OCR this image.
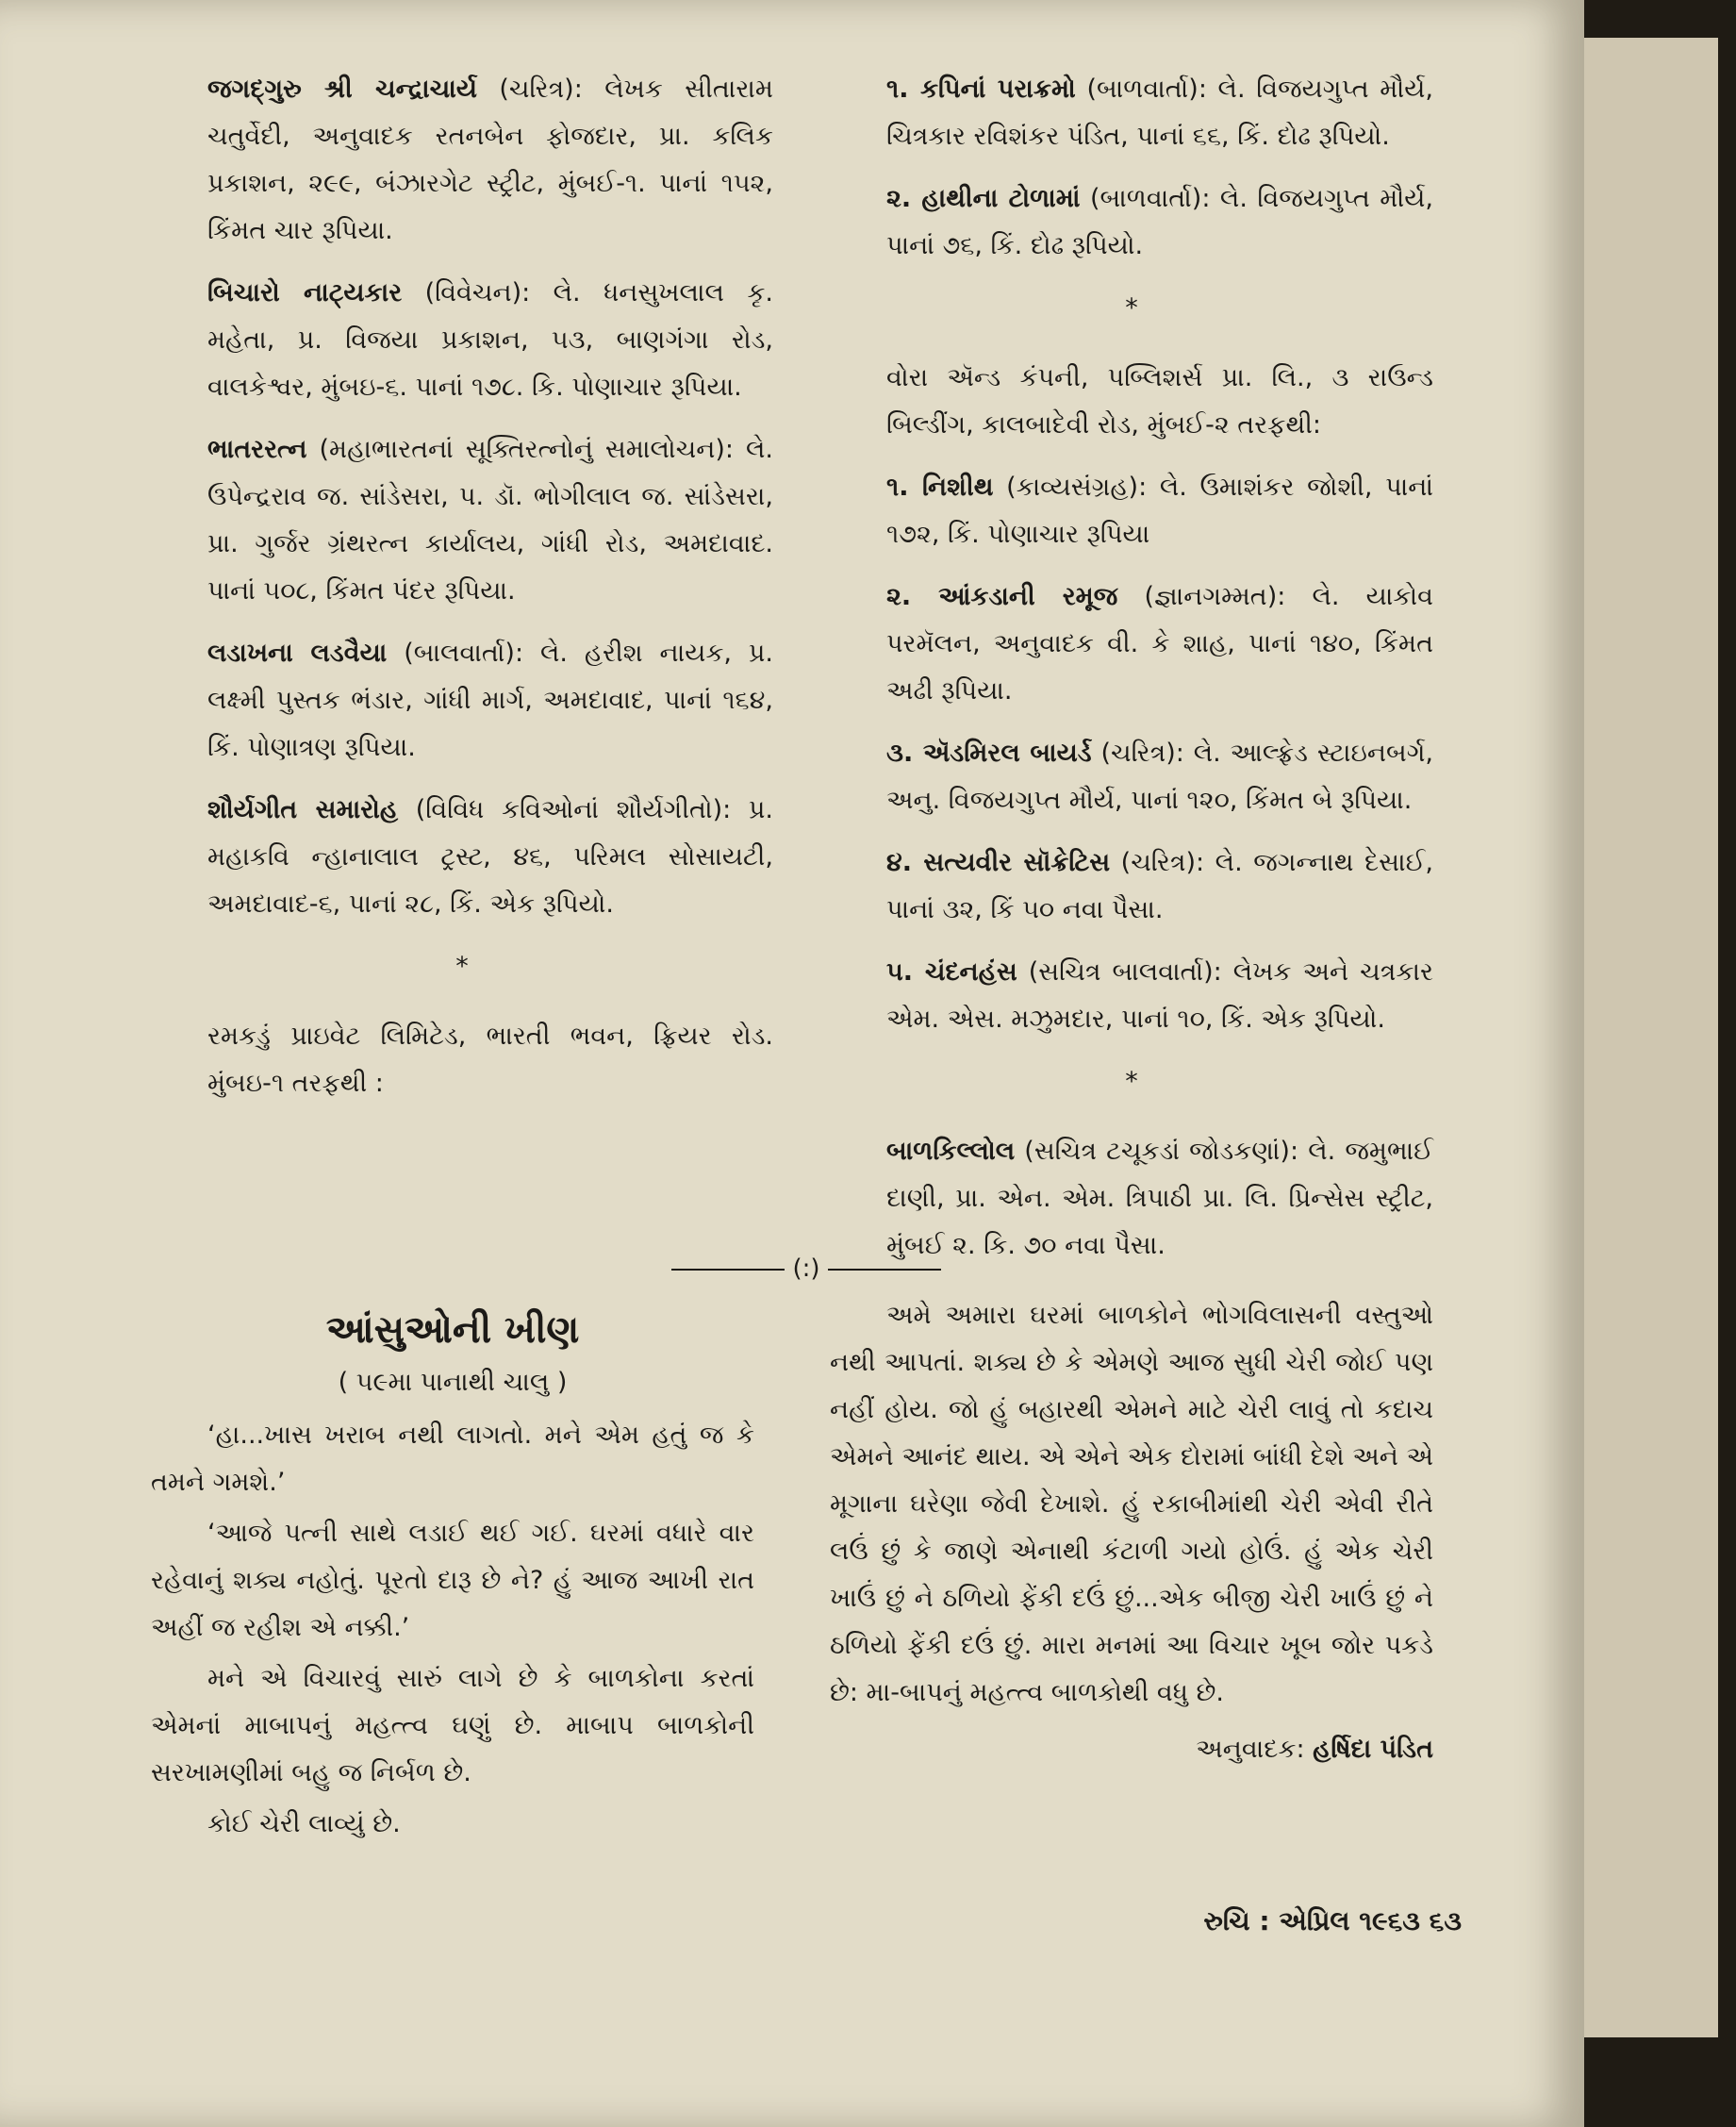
જગદ્ગુરુ શ્રી ચન્દ્રાચાર્ય (ચરિત્ર): લેખક સીતારામ ચતુર્વેદી, અનુવાદક રતનબેન ફોજદાર, પ્રા. કલિક પ્રકાશન, ૨૯૯, બંઝારગેટ સ્ટ્રીટ, મુંબઈ-૧. પાનાં ૧૫૨, કિંમત ચાર રૂપિયા.
બિચારો નાટ્યકાર (વિવેચન): લે. ધનસુખલાલ કૃ. મહેતા, પ્ર. વિજયા પ્રકાશન, ૫૩, બાણગંગા રોડ, વાલકેશ્વર, મુંબઇ-૬. પાનાં ૧૭૮. કિ. પોણાચાર રૂપિયા.
ભાતરરત્ન (મહાભારતનાં સૂક્તિરત્નોનું સમાલોચન): લે. ઉપેન્દ્રરાવ જ. સાંડેસરા, પ. ડૉ. ભોગીલાલ જ. સાંડેસરા, પ્રા. ગુર્જર ગ્રંથરત્ન કાર્યાલય, ગાંધી રોડ, અમદાવાદ. પાનાં ૫૦૮, કિંમત પંદર રૂપિયા.
લડાખના લડવૈયા (બાલવાર્તા): લે. હરીશ નાયક, પ્ર. લક્ષ્મી પુસ્તક ભંડાર, ગાંધી માર્ગ, અમદાવાદ, પાનાં ૧૬૪, કિં. પોણાત્રણ રૂપિયા.
શૌર્યગીત સમારોહ (વિવિધ કવિઓનાં શૌર્યગીતો): પ્ર. મહાકવિ ન્હાનાલાલ ટ્રસ્ટ, ૪૬, પરિમલ સોસાયટી, અમદાવાદ-૬, પાનાં ૨૮, કિં. એક રૂપિયો.
*
રમકડું પ્રાઇવેટ લિમિટેડ, ભારતી ભવન, ફ્રિયર રોડ. મુંબઇ-૧ તરફથી :
૧. કપિનાં પરાક્રમો (બાળવાર્તા): લે. વિજયગુપ્ત મૌર્ય, ચિત્રકાર રવિશંકર પંડિત, પાનાં ૬૬, કિં. દોઢ રૂપિયો.
૨. હાથીના ટોળામાં (બાળવાર્તા): લે. વિજયગુપ્ત મૌર્ય, પાનાં ૭૬, કિં. દોઢ રૂપિયો.
*
વોરા ઍન્ડ કંપની, પબ્લિશર્સ પ્રા. લિ., ૩ રાઉન્ડ બિલ્ડીંગ, કાલબાદેવી રોડ, મુંબઈ-૨ તરફથી:
૧. નિશીથ (કાવ્યસંગ્રહ): લે. ઉમાશંકર જોશી, પાનાં ૧૭૨, કિં. પોણાચાર રૂપિયા
૨. આંકડાની રમૂજ (જ્ઞાનગમ્મત): લે. યાકોવ પરમૅલન, અનુવાદક વી. કે શાહ, પાનાં ૧૪૦, કિંમત અઢી રૂપિયા.
૩. ઍડમિરલ બાયર્ડ (ચરિત્ર): લે. આલ્ફ્રેડ સ્ટાઇનબર્ગ, અનુ. વિજયગુપ્ત મૌર્ય, પાનાં ૧૨૦, કિંમત બે રૂપિયા.
૪. સત્યવીર સૉક્રેટિસ (ચરિત્ર): લે. જગન્નાથ દેસાઈ, પાનાં ૩૨, કિં ૫૦ નવા પૈસા.
૫. ચંદનહંસ (સચિત્ર બાલવાર્તા): લેખક અને ચત્રકાર એમ. એસ. મઝુમદાર, પાનાં ૧૦, કિં. એક રૂપિયો.
*
બાળકિલ્લોલ (સચિત્ર ટચૂકડાં જોડકણાં): લે. જમુભાઈ દાણી, પ્રા. એન. એમ. ત્રિપાઠી પ્રા. લિ. પ્રિન્સેસ સ્ટ્રીટ, મુંબઈ ૨. કિ. ૭૦ નવા પૈસા.
(:)
આંસુઓની ખીણ
( ૫૯મા પાનાથી ચાલુ )

‘હા...ખાસ ખરાબ નથી લાગતો. મને એમ હતું જ કે તમને ગમશે.’

‘આજે પત્ની સાથે લડાઈ થઈ ગઈ. ઘરમાં વધારે વાર રહેવાનું શક્ય નહોતું. પૂરતો દારૂ છે ને? હું આજ આખી રાત અહીં જ રહીશ એ નક્કી.’

મને એ વિચારવું સારું લાગે છે કે બાળકોના કરતાં એમનાં માબાપનું મહત્ત્વ ઘણું છે. માબાપ બાળકોની સરખામણીમાં બહુ જ નિર્બળ છે.

કોઈ ચેરી લાવ્યું છે.

અમે અમારા ઘરમાં બાળકોને ભોગવિલાસની વસ્તુઓ નથી આપતાં. શક્ય છે કે એમણે આજ સુધી ચેરી જોઈ પણ નહીં હોય. જો હું બહારથી એમને માટે ચેરી લાવું તો કદાચ એમને આનંદ થાય. એ એને એક દોરામાં બાંધી દેશે અને એ મૂગાના ઘરેણા જેવી દેખાશે. હું રકાબીમાંથી ચેરી એવી રીતે લઉં છું કે જાણે એનાથી કંટાળી ગયો હોઉં. હું એક ચેરી ખાઉં છું ને ઠળિયો ફેંકી દઉં છું...એક બીજી ચેરી ખાઉં છું ને ઠળિયો ફેંકી દઉં છું. મારા મનમાં આ વિચાર ખૂબ જોર પકડે છે: મા-બાપનું મહત્ત્વ બાળકોથી વધુ છે.

અનુવાદક: હર્ષિદા પંડિત
રુચિ : એપ્રિલ ૧૯૬૩ ૬૩
